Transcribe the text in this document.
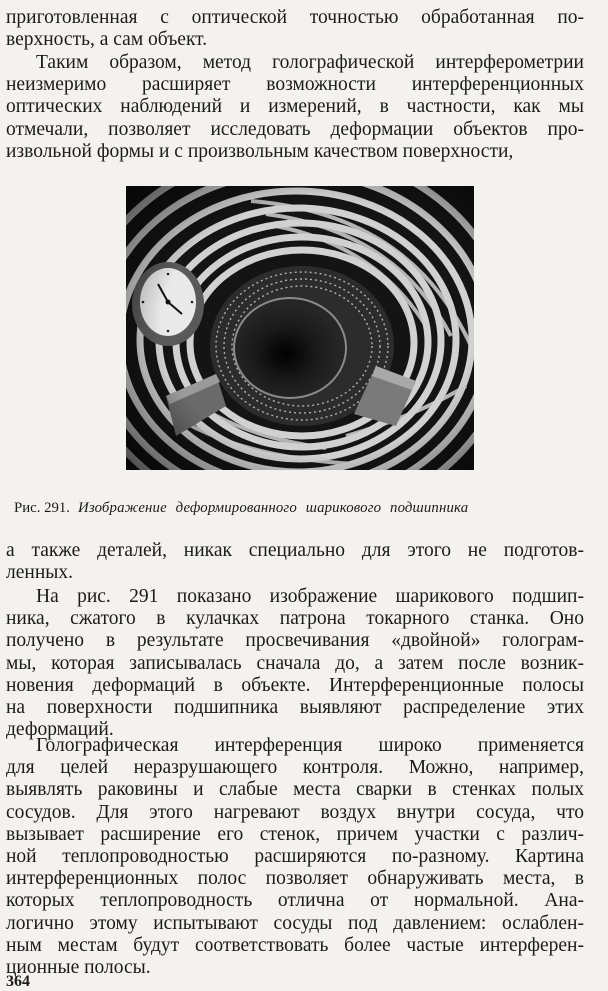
приготовленная с оптической точностью обработанная по-
верхность, а сам объект.
Таким образом, метод голографической интерферометрии
неизмеримо расширяет возможности интерференционных
оптических наблюдений и измерений, в частности, как мы
отмечали, позволяет исследовать деформации объектов про-
извольной формы и с произвольным качеством поверхности,
Рис. 291. Изображение деформированного шарикового подшипника
а также деталей, никак специально для этого не подготов-
ленных.
На рис. 291 показано изображение шарикового подшип-
ника, сжатого в кулачках патрона токарного станка. Оно
получено в результате просвечивания «двойной» голограм-
мы, которая записывалась сначала до, а затем после возник-
новения деформаций в объекте. Интерференционные полосы
на поверхности подшипника выявляют распределение этих
деформаций.
Голографическая интерференция широко применяется
для целей неразрушающего контроля. Можно, например,
выявлять раковины и слабые места сварки в стенках полых
сосудов. Для этого нагревают воздух внутри сосуда, что
вызывает расширение его стенок, причем участки с различ-
ной теплопроводностью расширяются по-разному. Картина
интерференционных полос позволяет обнаруживать места, в
которых теплопроводность отлична от нормальной. Ана-
логично этому испытывают сосуды под давлением: ослаблен-
ным местам будут соответствовать более частые интерферен-
ционные полосы.
364
